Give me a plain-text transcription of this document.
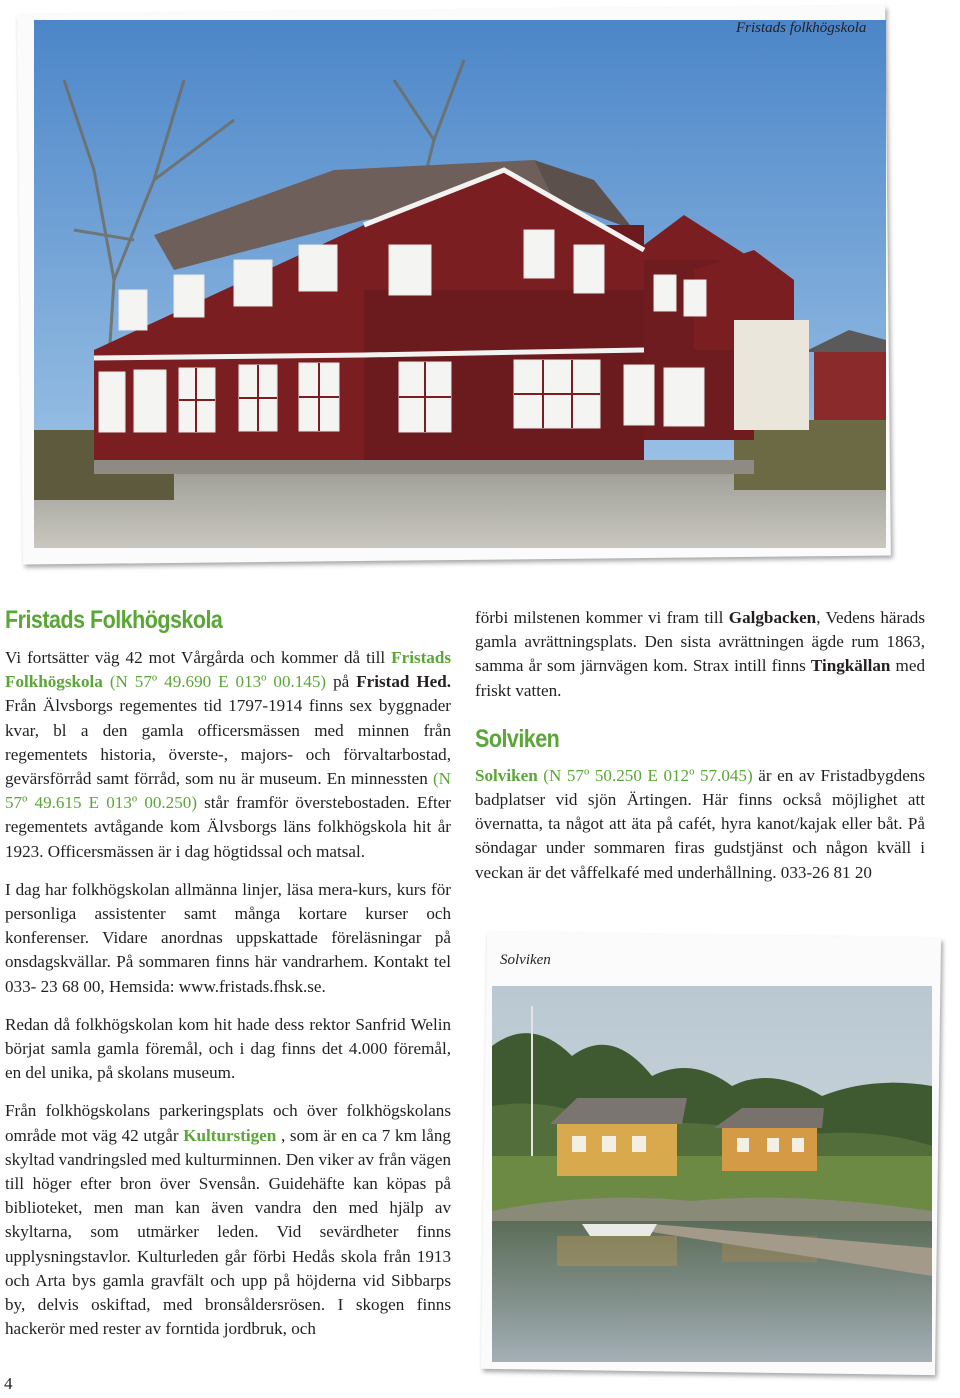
Fristads folkhögskola
Fristads Folkhögskola

Vi fortsätter väg 42 mot Vårgårda och kommer då till Fristads Folkhögskola (N 57º 49.690 E 013º 00.145) på Fristad Hed. Från Älvsborgs regementes tid 1797-1914 finns sex byggnader kvar, bl a den gamla officersmässen med minnen från regementets historia, överste-, majors- och förvaltarbostad, gevärsförråd samt förråd, som nu är museum. En minnessten (N 57º 49.615 E 013º 00.250) står framför överstebostaden. Efter regementets avtågande kom Älvsborgs läns folkhögskola hit år 1923. Officersmässen är i dag högtidssal och matsal.

I dag har folkhögskolan allmänna linjer, läsa mera-kurs, kurs för personliga assistenter samt många kortare kurser och konferenser. Vidare anordnas uppskattade föreläsningar på onsdagskvällar. På sommaren finns här vandrarhem. Kontakt tel 033- 23 68 00, Hemsida: www.fristads.fhsk.se.

Redan då folkhögskolan kom hit hade dess rektor Sanfrid Welin börjat samla gamla föremål, och i dag finns det 4.000 föremål, en del unika, på skolans museum.

Från folkhögskolans parkeringsplats och över folkhögskolans område mot väg 42 utgår Kulturstigen , som är en ca 7 km lång skyltad vandringsled med kulturminnen. Den viker av från vägen till höger efter bron över Svensån. Guidehäfte kan köpas på biblioteket, men man kan även vandra den med hjälp av skyltarna, som utmärker leden. Vid sevärdheter finns upplysningstavlor. Kulturleden går förbi Hedås skola från 1913 och Arta bys gamla gravfält och upp på höjderna vid Sibbarps by, delvis oskiftad, med bronsåldersrösen. I skogen finns hackerör med rester av forntida jordbruk, och

förbi milstenen kommer vi fram till Galgbacken, Vedens härads gamla avrättningsplats. Den sista avrättningen ägde rum 1863, samma år som järnvägen kom. Strax intill finns Tingkällan med friskt vatten.

Solviken

Solviken (N 57º 50.250 E 012º 57.045) är en av Fristadbygdens badplatser vid sjön Ärtingen. Här finns också möjlighet att övernatta, ta något att äta på cafét, hyra kanot/kajak eller båt. På söndagar under sommaren firas gudstjänst och någon kväll i veckan är det våffelkafé med underhållning. 033-26 81 20

Solviken
4
